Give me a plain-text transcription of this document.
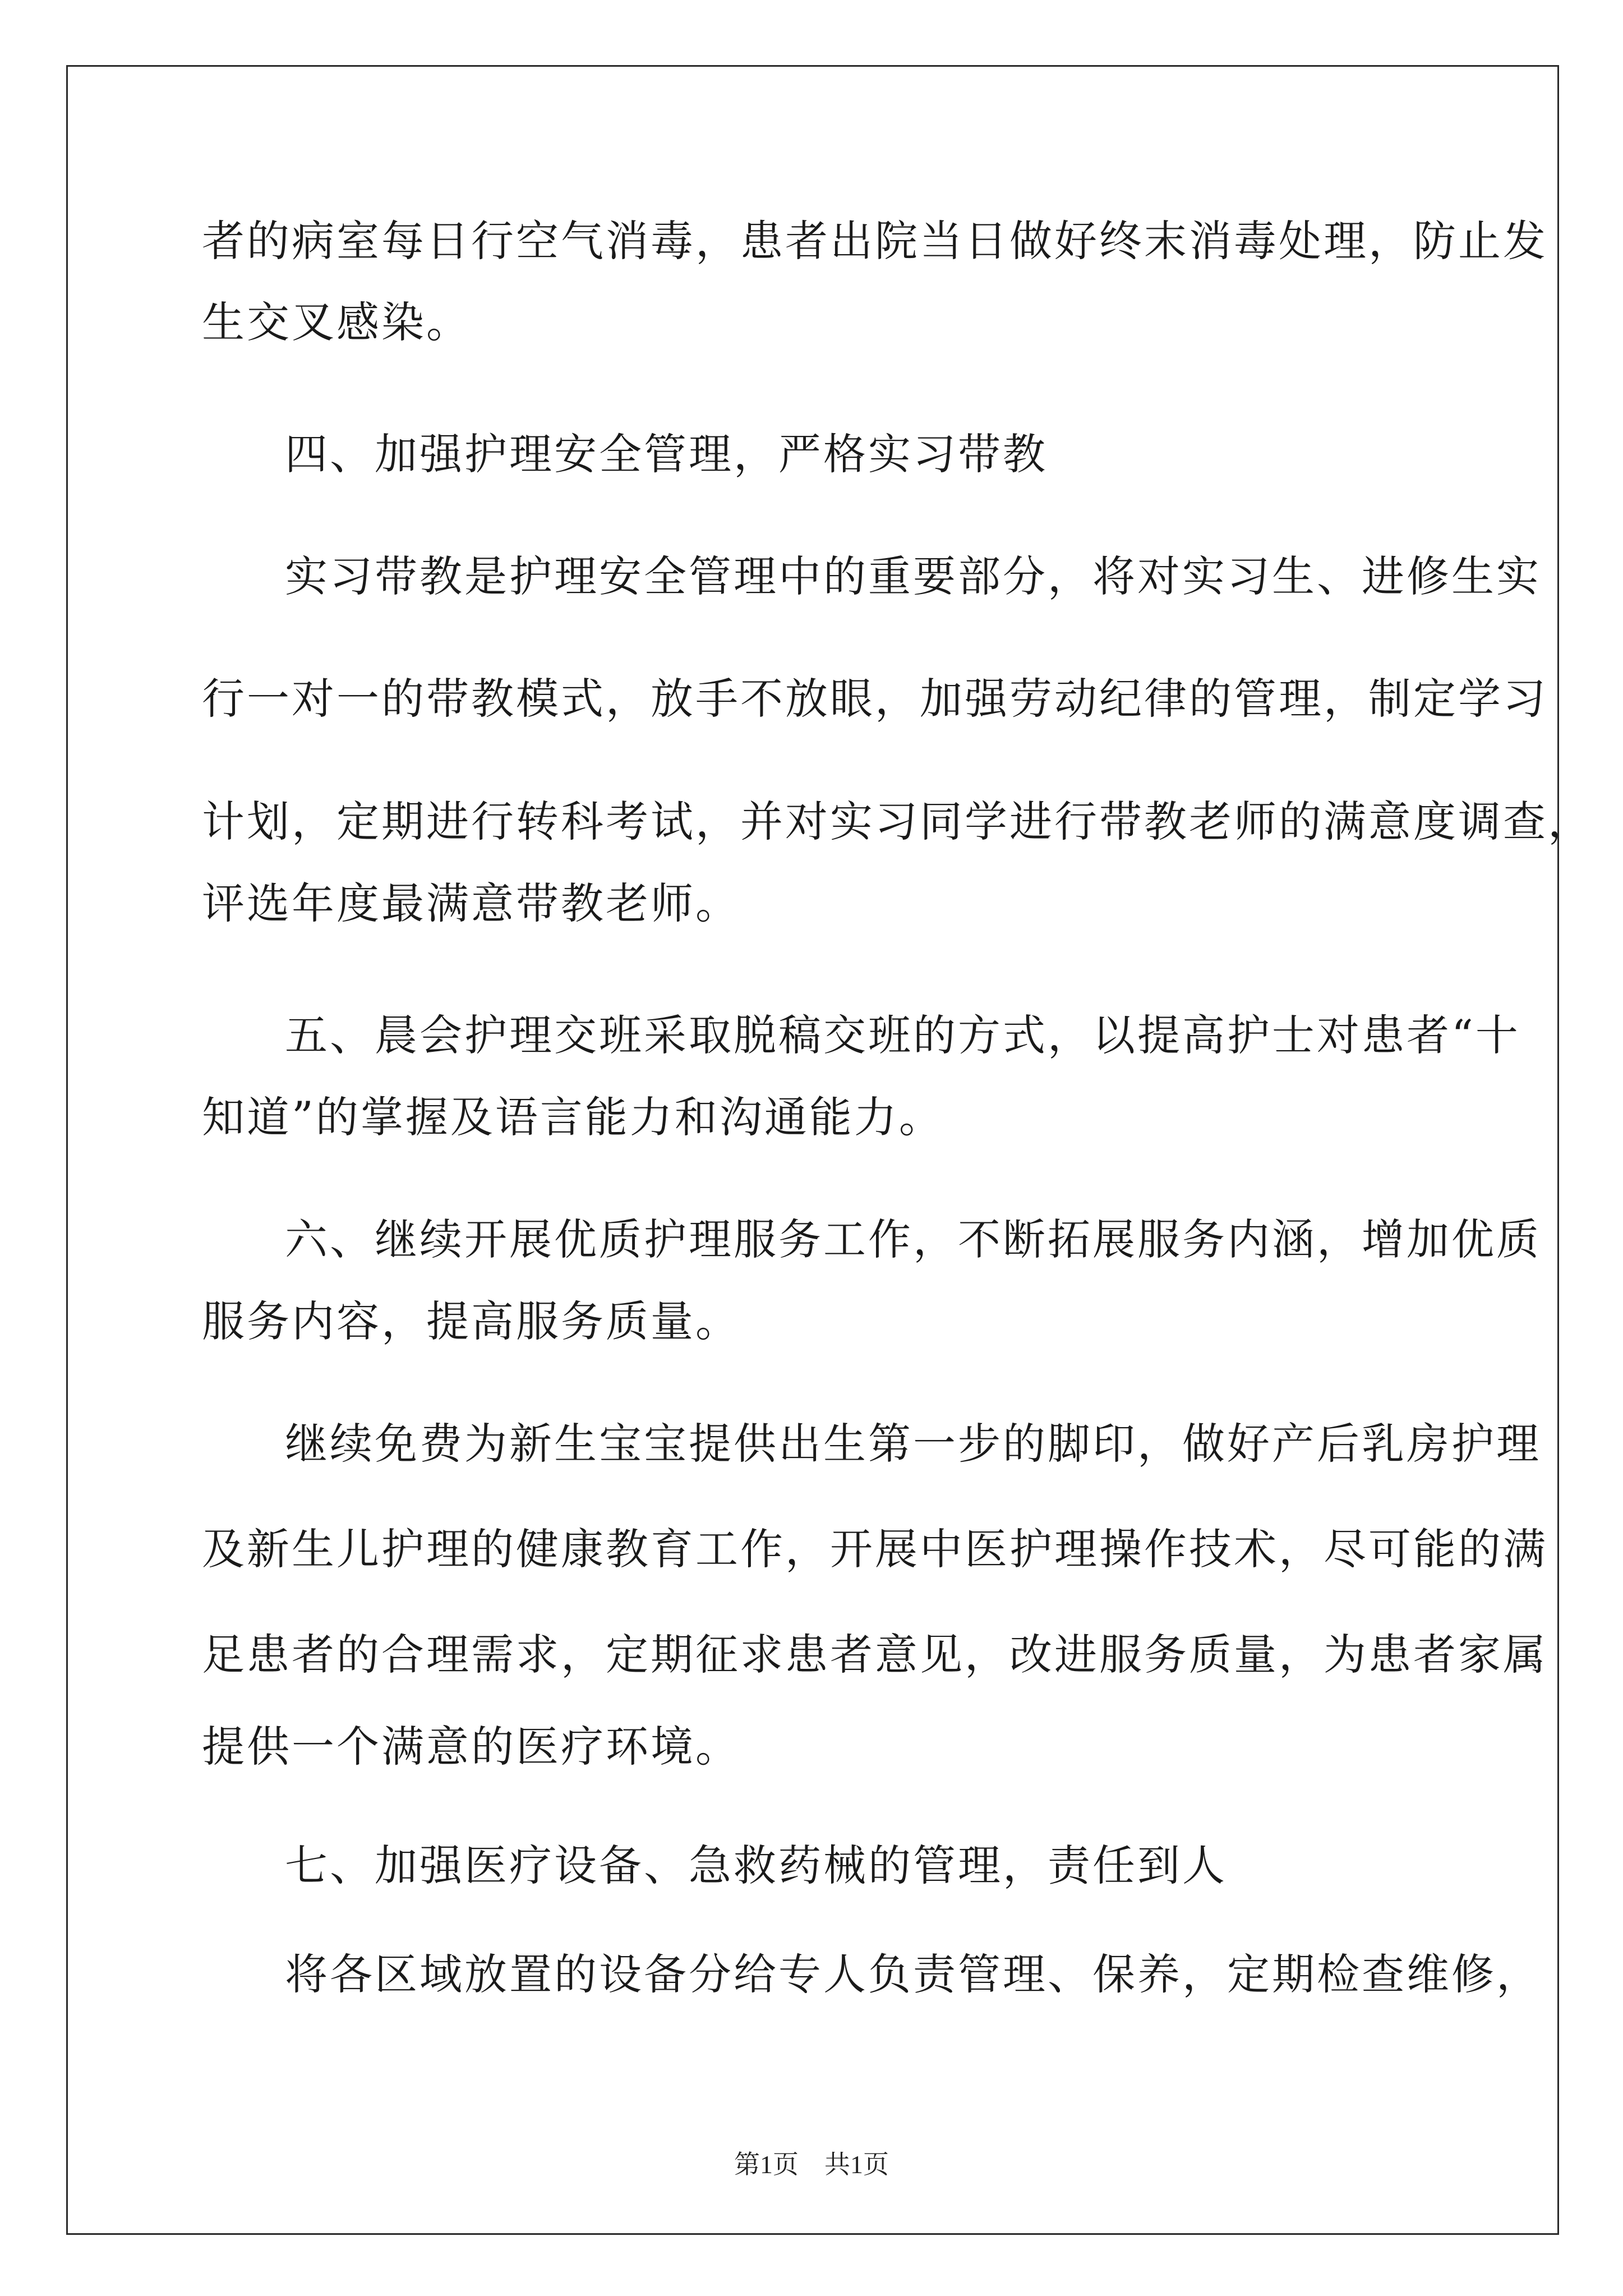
者的病室每日行空气消毒，患者出院当日做好终末消毒处理，防止发
生交叉感染。
四、加强护理安全管理，严格实习带教
实习带教是护理安全管理中的重要部分，将对实习生、进修生实
行一对一的带教模式，放手不放眼，加强劳动纪律的管理，制定学习
计划，定期进行转科考试，并对实习同学进行带教老师的满意度调查，
评选年度最满意带教老师。
五、晨会护理交班采取脱稿交班的方式，以提高护士对患者“十
知道”的掌握及语言能力和沟通能力。
六、继续开展优质护理服务工作，不断拓展服务内涵，增加优质
服务内容，提高服务质量。
继续免费为新生宝宝提供出生第一步的脚印，做好产后乳房护理
及新生儿护理的健康教育工作，开展中医护理操作技术，尽可能的满
足患者的合理需求，定期征求患者意见，改进服务质量，为患者家属
提供一个满意的医疗环境。
七、加强医疗设备、急救药械的管理，责任到人
将各区域放置的设备分给专人负责管理、保养，定期检查维修，
第1页　共1页
